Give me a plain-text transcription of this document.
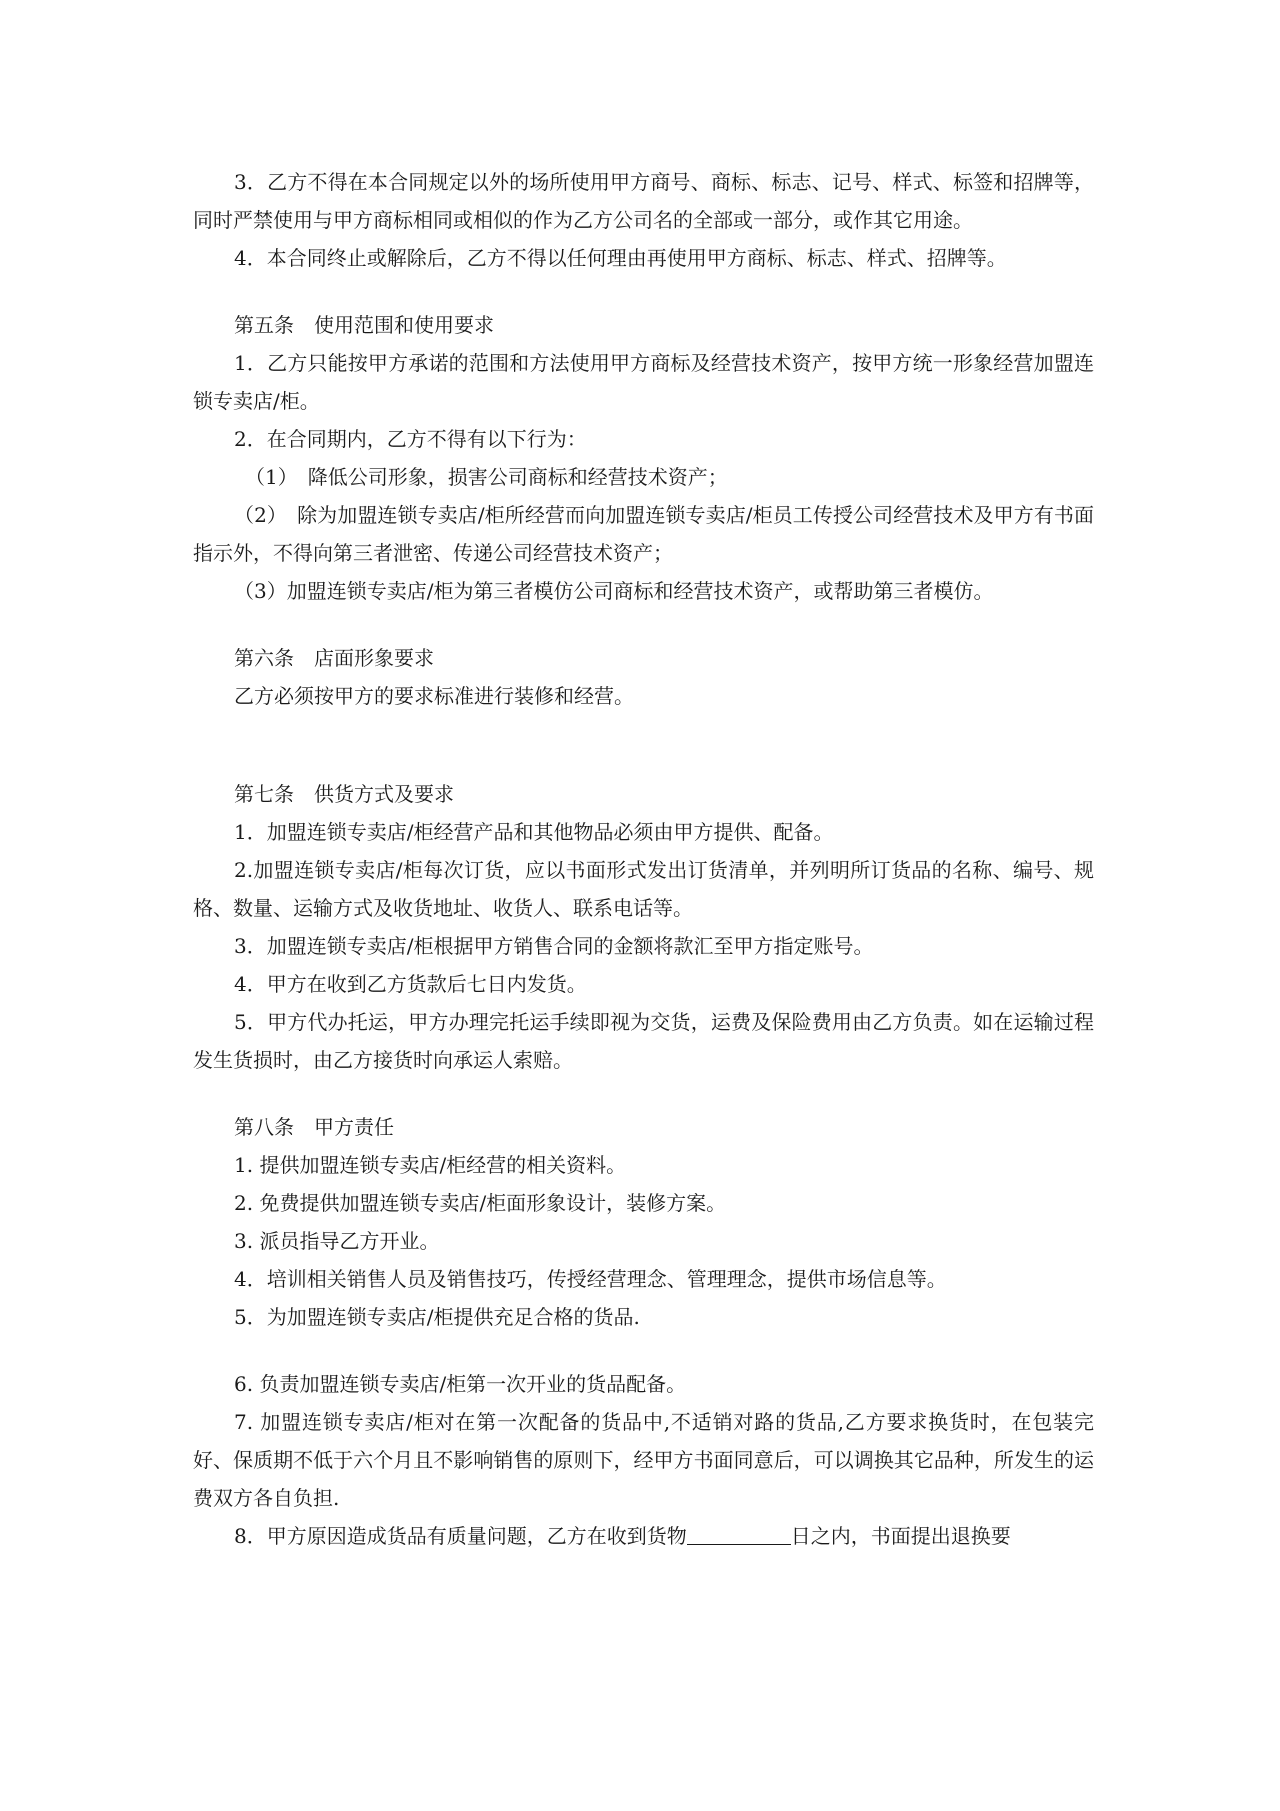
3．乙方不得在本合同规定以外的场所使用甲方商号、商标、标志、记号、样式、标签和招牌等，同时严禁使用与甲方商标相同或相似的作为乙方公司名的全部或一部分，或作其它用途。

4．本合同终止或解除后，乙方不得以任何理由再使用甲方商标、标志、样式、招牌等。

第五条　使用范围和使用要求

1．乙方只能按甲方承诺的范围和方法使用甲方商标及经营技术资产，按甲方统一形象经营加盟连锁专卖店/柜。

2．在合同期内，乙方不得有以下行为：

（1）　降低公司形象，损害公司商标和经营技术资产；

（2）　除为加盟连锁专卖店/柜所经营而向加盟连锁专卖店/柜员工传授公司经营技术及甲方有书面指示外，不得向第三者泄密、传递公司经营技术资产；

（3）加盟连锁专卖店/柜为第三者模仿公司商标和经营技术资产，或帮助第三者模仿。

第六条　店面形象要求

乙方必须按甲方的要求标准进行装修和经营。

第七条　供货方式及要求

1．加盟连锁专卖店/柜经营产品和其他物品必须由甲方提供、配备。

2.加盟连锁专卖店/柜每次订货，应以书面形式发出订货清单，并列明所订货品的名称、编号、规格、数量、运输方式及收货地址、收货人、联系电话等。

3．加盟连锁专卖店/柜根据甲方销售合同的金额将款汇至甲方指定账号。

4．甲方在收到乙方货款后七日内发货。

5．甲方代办托运，甲方办理完托运手续即视为交货，运费及保险费用由乙方负责。如在运输过程发生货损时，由乙方接货时向承运人索赔。

第八条　甲方责任

1. 提供加盟连锁专卖店/柜经营的相关资料。

2. 免费提供加盟连锁专卖店/柜面形象设计，装修方案。

3. 派员指导乙方开业。

4．培训相关销售人员及销售技巧，传授经营理念、管理理念，提供市场信息等。

5．为加盟连锁专卖店/柜提供充足合格的货品.

6. 负责加盟连锁专卖店/柜第一次开业的货品配备。

7. 加盟连锁专卖店/柜对在第一次配备的货品中,不适销对路的货品,乙方要求换货时，在包装完好、保质期不低于六个月且不影响销售的原则下，经甲方书面同意后，可以调换其它品种，所发生的运费双方各自负担.

8．甲方原因造成货品有质量问题，乙方在收到货物	日之内，书面提出退换要
